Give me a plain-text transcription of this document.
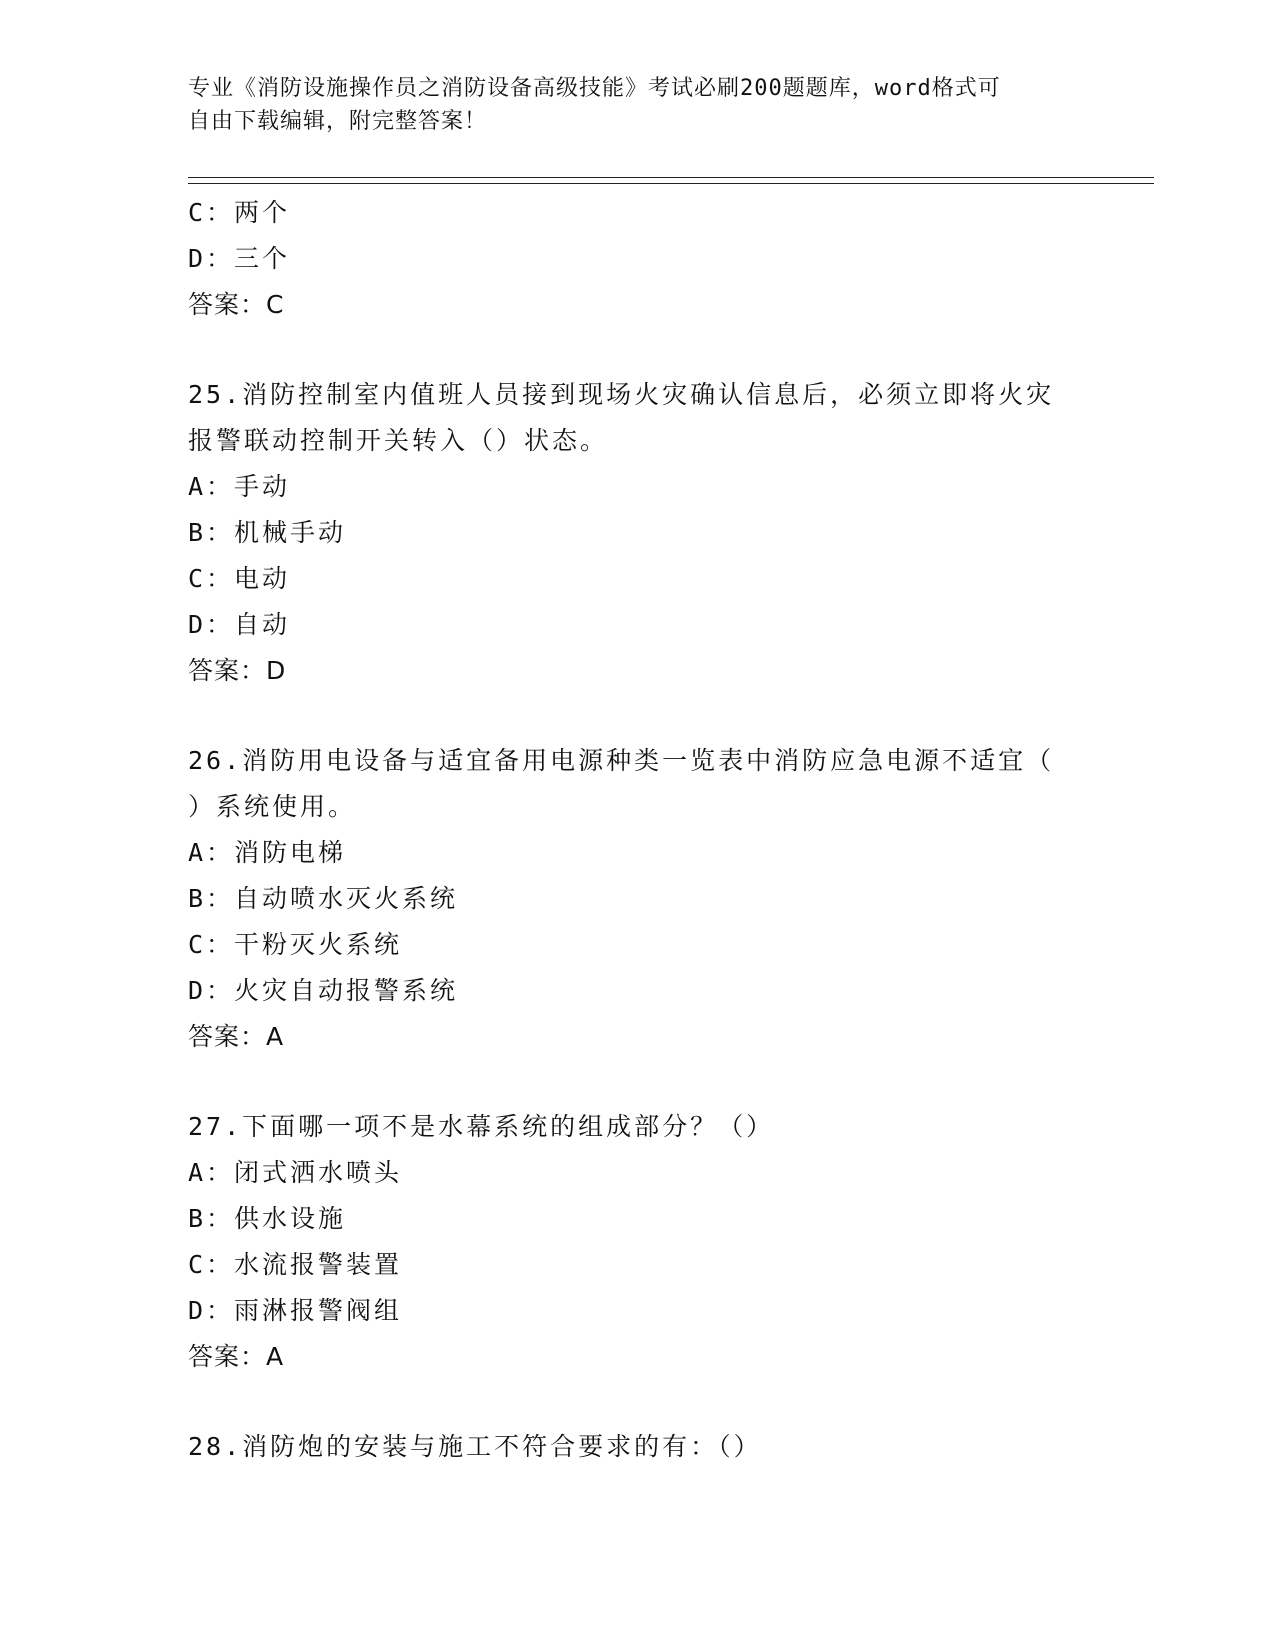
专业《消防设施操作员之消防设备高级技能》考试必刷200题题库，word格式可
自由下载编辑，附完整答案！
C：两个
D：三个
答案：C
25.消防控制室内值班人员接到现场火灾确认信息后，必须立即将火灾
报警联动控制开关转入（）状态。
A：手动
B：机械手动
C：电动
D：自动
答案：D
26.消防用电设备与适宜备用电源种类一览表中消防应急电源不适宜（
）系统使用。
A：消防电梯
B：自动喷水灭火系统
C：干粉灭火系统
D：火灾自动报警系统
答案：A
27.下面哪一项不是水幕系统的组成部分？（）
A：闭式洒水喷头
B：供水设施
C：水流报警装置
D：雨淋报警阀组
答案：A
28.消防炮的安装与施工不符合要求的有：（）
